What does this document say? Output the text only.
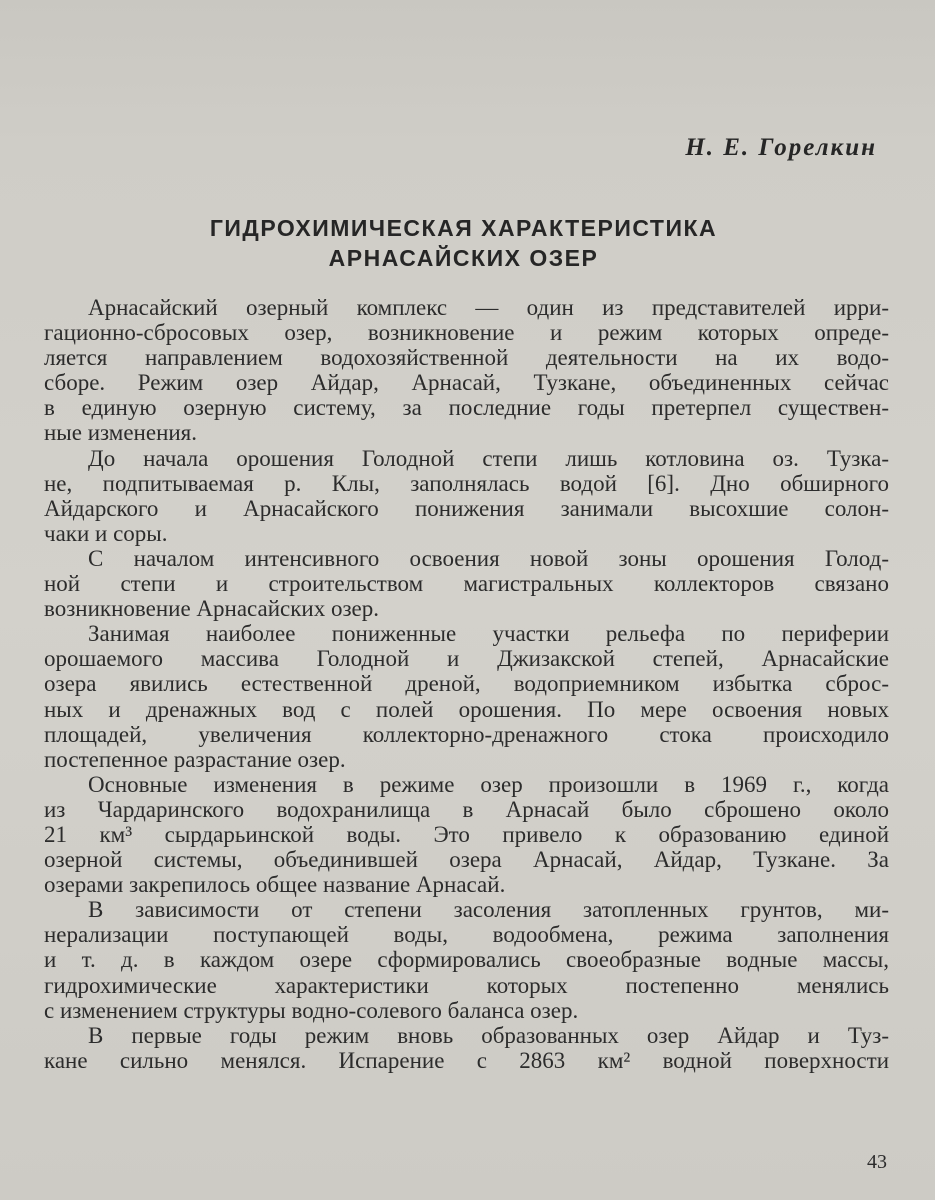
Н. Е. Горелкин
ГИДРОХИМИЧЕСКАЯ ХАРАКТЕРИСТИКА
АРНАСАЙСКИХ ОЗЕР
Арнасайский озерный комплекс — один из представителей ирри-
гационно-сбросовых озер, возникновение и режим которых опреде-
ляется направлением водохозяйственной деятельности на их водо-
сборе. Режим озер Айдар, Арнасай, Тузкане, объединенных сейчас
в единую озерную систему, за последние годы претерпел существен-
ные изменения.
До начала орошения Голодной степи лишь котловина оз. Тузка-
не, подпитываемая р. Клы, заполнялась водой [6]. Дно обширного
Айдарского и Арнасайского понижения занимали высохшие солон-
чаки и соры.
С началом интенсивного освоения новой зоны орошения Голод-
ной степи и строительством магистральных коллекторов связано
возникновение Арнасайских озер.
Занимая наиболее пониженные участки рельефа по периферии
орошаемого массива Голодной и Джизакской степей, Арнасайские
озера явились естественной дреной, водоприемником избытка сброс-
ных и дренажных вод с полей орошения. По мере освоения новых
площадей, увеличения коллекторно-дренажного стока происходило
постепенное разрастание озер.
Основные изменения в режиме озер произошли в 1969 г., когда
из Чардаринского водохранилища в Арнасай было сброшено около
21 км³ сырдарьинской воды. Это привело к образованию единой
озерной системы, объединившей озера Арнасай, Айдар, Тузкане. За
озерами закрепилось общее название Арнасай.
В зависимости от степени засоления затопленных грунтов, ми-
нерализации поступающей воды, водообмена, режима заполнения
и т. д. в каждом озере сформировались своеобразные водные массы,
гидрохимические характеристики которых постепенно менялись
с изменением структуры водно-солевого баланса озер.
В первые годы режим вновь образованных озер Айдар и Туз-
кане сильно менялся. Испарение с 2863 км² водной поверхности
43
